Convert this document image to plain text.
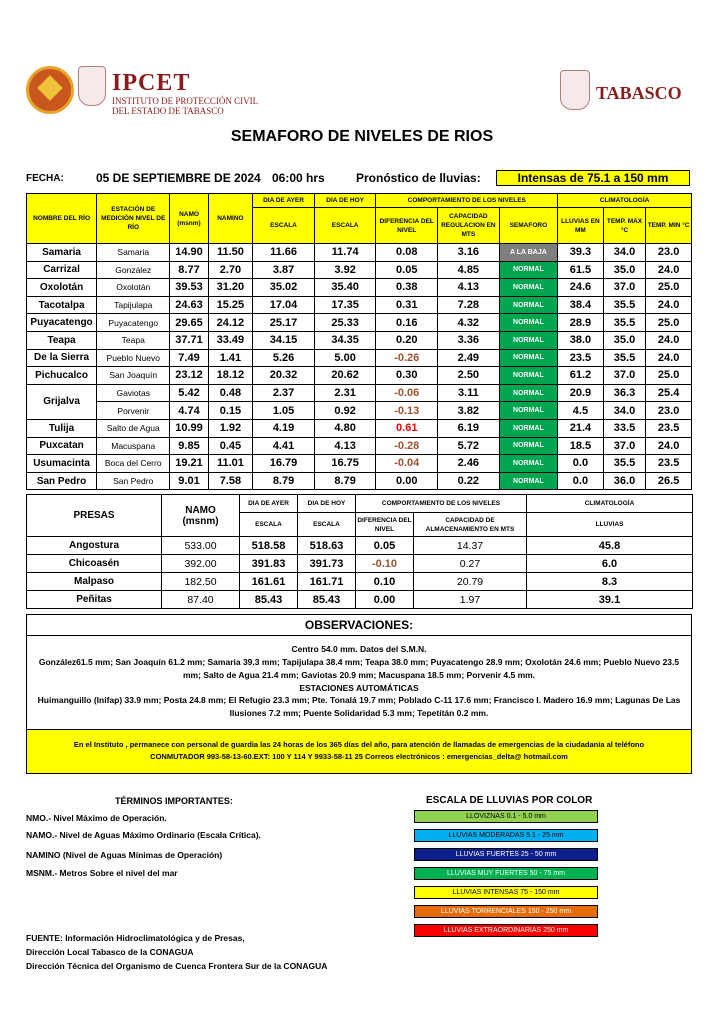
IPCET
INSTITUTO DE PROTECCIÓN CIVIL
DEL ESTADO DE TABASCO
TABASCO
SEMAFORO DE NIVELES DE RIOS
FECHA:	05 DE SEPTIEMBRE DE 2024 06:00 hrs	Pronóstico de lluvias:	Intensas de 75.1 a 150 mm
NOMBRE DEL RÍO	ESTACIÓN DE MEDICIÓN NIVEL DE RÍO	NAMO (msnm)	NAMINO	DIA DE AYER	DIA DE HOY	COMPORTAMIENTO DE LOS NIVELES			CLIMATOLOGÍA		
				ESCALA	ESCALA	DIFERENCIA DEL NIVEL	CAPACIDAD REGULACION EN MTS	SEMAFORO	LLUVIAS EN MM	TEMP. MAX °C	TEMP. MIN °C
Samaria	Samaria	14.90	11.50	11.66	11.74	0.08	3.16	A LA BAJA	39.3	34.0	23.0
Carrizal	González	8.77	2.70	3.87	3.92	0.05	4.85	NORMAL	61.5	35.0	24.0
Oxolotán	Oxolotán	39.53	31.20	35.02	35.40	0.38	4.13	NORMAL	24.6	37.0	25.0
Tacotalpa	Tapijulapa	24.63	15.25	17.04	17.35	0.31	7.28	NORMAL	38.4	35.5	24.0
Puyacatengo	Puyacatengo	29.65	24.12	25.17	25.33	0.16	4.32	NORMAL	28.9	35.5	25.0
Teapa	Teapa	37.71	33.49	34.15	34.35	0.20	3.36	NORMAL	38.0	35.0	24.0
De la Sierra	Pueblo Nuevo	7.49	1.41	5.26	5.00	-0.26	2.49	NORMAL	23.5	35.5	24.0
Pichucalco	San Joaquín	23.12	18.12	20.32	20.62	0.30	2.50	NORMAL	61.2	37.0	25.0
Grijalva	Gaviotas	5.42	0.48	2.37	2.31	-0.06	3.11	NORMAL	20.9	36.3	25.4
	Porvenir	4.74	0.15	1.05	0.92	-0.13	3.82	NORMAL	4.5	34.0	23.0
Tulija	Salto de Agua	10.99	1.92	4.19	4.80	0.61	6.19	NORMAL	21.4	33.5	23.5
Puxcatan	Macuspana	9.85	0.45	4.41	4.13	-0.28	5.72	NORMAL	18.5	37.0	24.0
Usumacinta	Boca del Cerro	19.21	11.01	16.79	16.75	-0.04	2.46	NORMAL	0.0	35.5	23.5
San Pedro	San Pedro	9.01	7.58	8.79	8.79	0.00	0.22	NORMAL	0.0	36.0	26.5
PRESAS	NAMO
(msnm)	DIA DE AYER	DIA DE HOY	COMPORTAMIENTO DE LOS NIVELES		CLIMATOLOGÍA
		ESCALA	ESCALA	DIFERENCIA DEL NIVEL	CAPACIDAD DE ALMACENAMIENTO EN MTS	LLUVIAS
Angostura	533.00	518.58	518.63	0.05	14.37	45.8
Chicoasén	392.00	391.83	391.73	-0.10	0.27	6.0
Malpaso	182.50	161.61	161.71	0.10	20.79	8.3
Peñitas	87.40	85.43	85.43	0.00	1.97	39.1
OBSERVACIONES:
Centro 54.0 mm. Datos del S.M.N.
González61.5 mm; San Joaquín 61.2 mm; Samaria 39.3 mm; Tapijulapa 38.4 mm; Teapa 38.0 mm; Puyacatengo 28.9 mm; Oxolotán 24.6 mm; Pueblo Nuevo 23.5 mm; Salto de Agua 21.4 mm; Gaviotas 20.9 mm; Macuspana 18.5 mm; Porvenir 4.5 mm.
ESTACIONES AUTOMÁTICAS
Huimanguillo (Inifap) 33.9 mm; Posta 24.8 mm; El Refugio 23.3 mm; Pte. Tonalá 19.7 mm; Poblado C-11 17.6 mm; Francisco I. Madero 16.9 mm; Lagunas De Las Ilusiones 7.2 mm; Puente Solidaridad 5.3 mm; Tepetitán 0.2 mm.
En el Instituto , permanece con personal de guardia las 24 horas de los 365 días del año, para atención de llamadas de emergencias de la ciudadanía al teléfono
CONMUTADOR 993-58-13-60.EXT: 100 Y 114 Y 9933-58-11 25 Correos electrónicos : emergencias_delta@ hotmail.com
TÉRMINOS IMPORTANTES:
NMO.- Nivel Máximo de Operación.
NAMO.- Nivel de Aguas Máximo Ordinario (Escala Crítica).
NAMINO (Nivel de Aguas Mínimas de Operación)
MSNM.- Metros Sobre el nivel del mar
ESCALA DE LLUVIAS POR COLOR
LLOVIZNAS 0.1 - 5.0 mm
LLUVIAS MODERADAS 5.1 - 25 mm
LLUVIAS FUERTES 25 - 50 mm
LLUVIAS MUY FUERTES 50 - 75 mm
LLUVIAS INTENSAS 75 - 150 mm
LLUVIAS TORRENCIALES 150 - 250 mm
LLUVIAS EXTRAORDINARIAS 250 mm
FUENTE: Información Hidroclimatológica y de Presas,
Dirección Local Tabasco de la CONAGUA
Dirección Técnica del Organismo de Cuenca Frontera Sur de la CONAGUA
